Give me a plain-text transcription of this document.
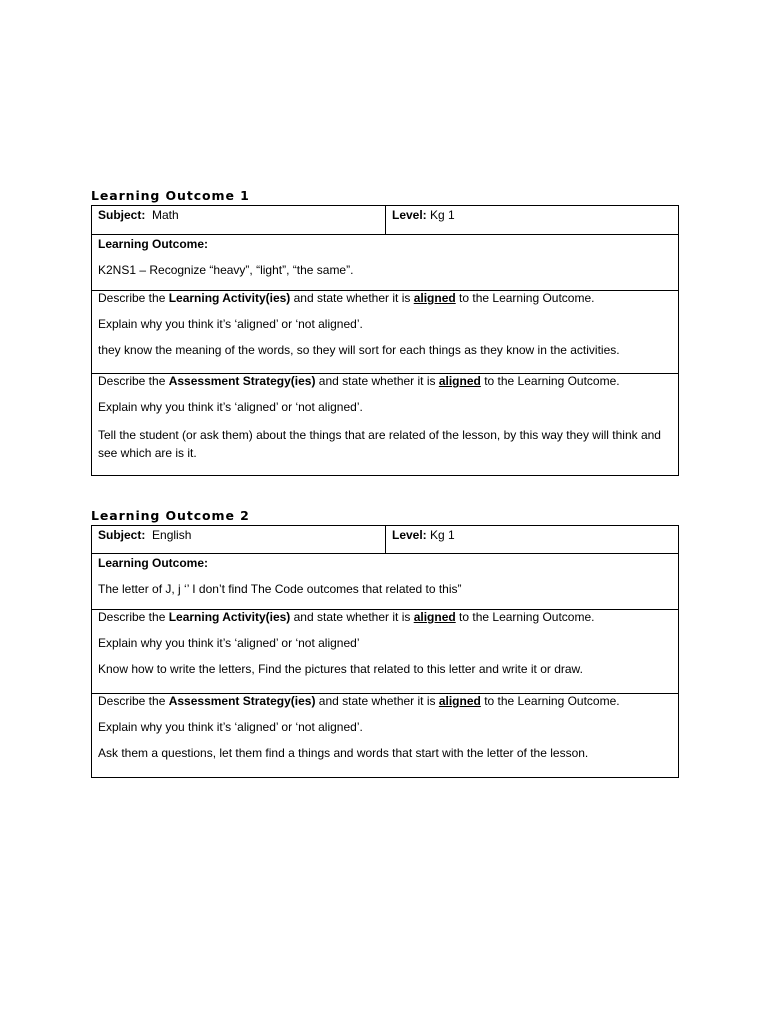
Learning Outcome 1
Subject: Math	Level: Kg 1

Learning Outcome:

K2NS1 – Recognize “heavy”, “light”, “the same”.

Describe the Learning Activity(ies) and state whether it is aligned to the Learning Outcome.

Explain why you think it’s ‘aligned’ or ‘not aligned’.

they know the meaning of the words, so they will sort for each things as they know in the activities.

Describe the Assessment Strategy(ies) and state whether it is aligned to the Learning Outcome.

Explain why you think it’s ‘aligned’ or ‘not aligned’.

Tell the student (or ask them) about the things that are related of the lesson, by this way they will think and see which are is it.

Learning Outcome 2
Subject: English	Level: Kg 1

Learning Outcome:

The letter of J, j ‘’ I don’t find The Code outcomes that related to this”

Describe the Learning Activity(ies) and state whether it is aligned to the Learning Outcome.

Explain why you think it’s ‘aligned’ or ‘not aligned’

Know how to write the letters, Find the pictures that related to this letter and write it or draw.

Describe the Assessment Strategy(ies) and state whether it is aligned to the Learning Outcome.

Explain why you think it’s ‘aligned’ or ‘not aligned’.

Ask them a questions, let them find a things and words that start with the letter of the lesson.
